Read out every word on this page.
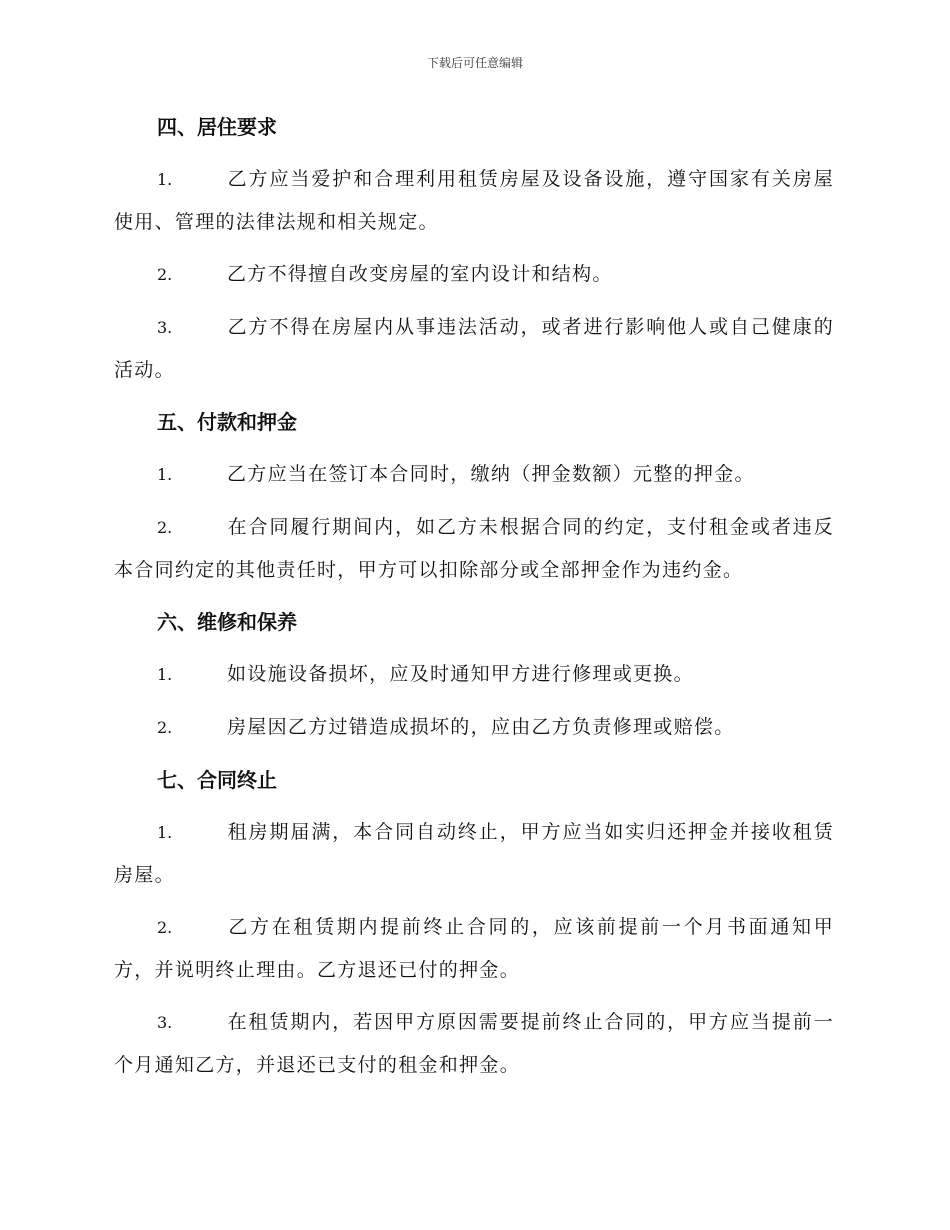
下载后可任意编辑
四、居住要求

1.	乙方应当爱护和合理利用租赁房屋及设备设施，遵守国家有关房屋使用、管理的法律法规和相关规定。

2.	乙方不得擅自改变房屋的室内设计和结构。

3.	乙方不得在房屋内从事违法活动，或者进行影响他人或自己健康的活动。

五、付款和押金

1.	乙方应当在签订本合同时，缴纳（押金数额）元整的押金。

2.	在合同履行期间内，如乙方未根据合同的约定，支付租金或者违反本合同约定的其他责任时，甲方可以扣除部分或全部押金作为违约金。

六、维修和保养

1.	如设施设备损坏，应及时通知甲方进行修理或更换。

2.	房屋因乙方过错造成损坏的，应由乙方负责修理或赔偿。

七、合同终止

1.	租房期届满，本合同自动终止，甲方应当如实归还押金并接收租赁房屋。

2.	乙方在租赁期内提前终止合同的，应该前提前一个月书面通知甲方，并说明终止理由。乙方退还已付的押金。

3.	在租赁期内，若因甲方原因需要提前终止合同的，甲方应当提前一个月通知乙方，并退还已支付的租金和押金。
